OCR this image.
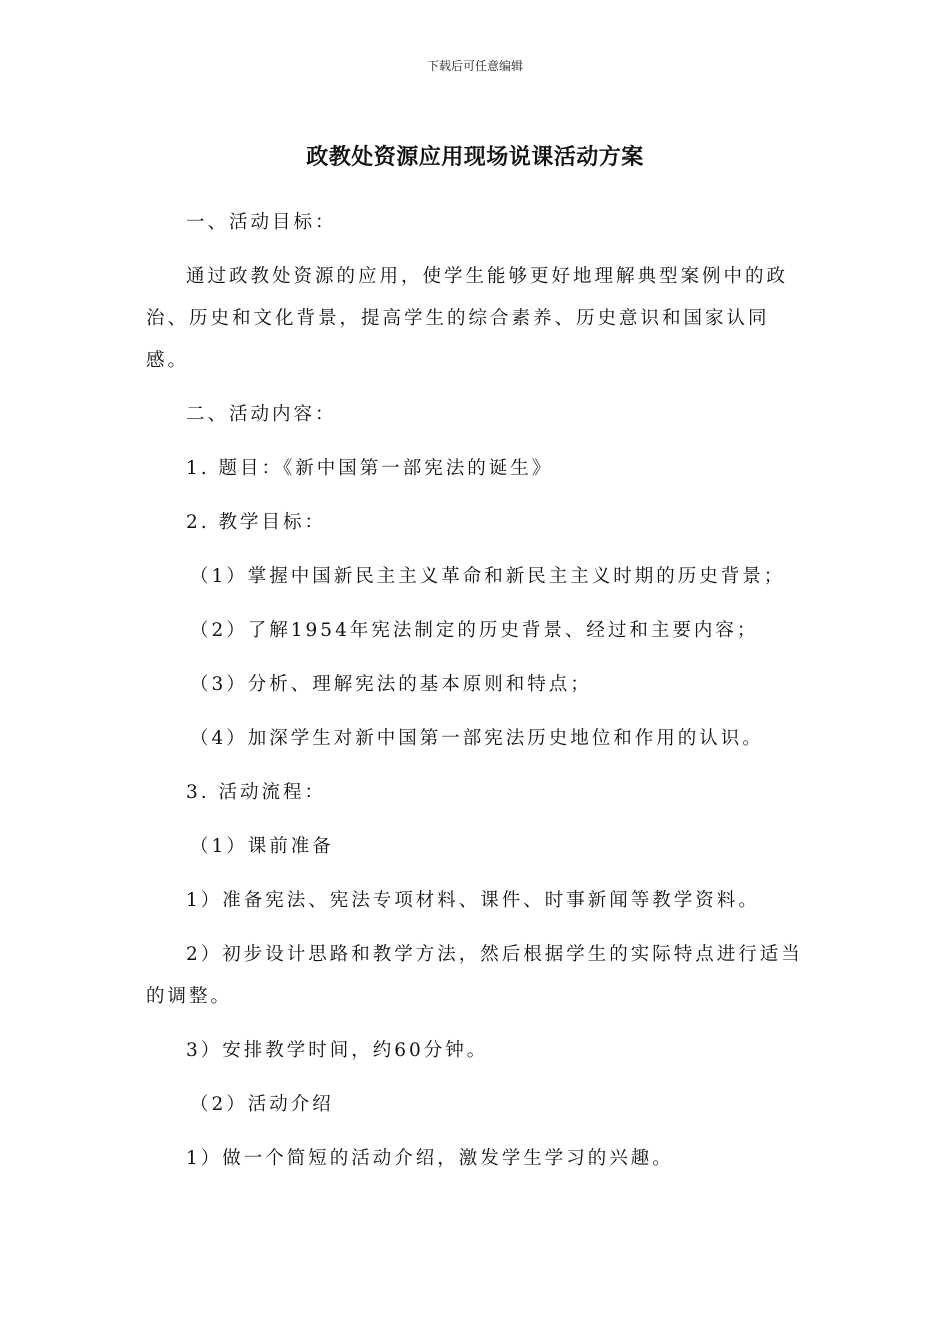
下载后可任意编辑
政教处资源应用现场说课活动方案

一、活动目标：

通过政教处资源的应用，使学生能够更好地理解典型案例中的政治、历史和文化背景，提高学生的综合素养、历史意识和国家认同感。

二、活动内容：

1. 题目：《新中国第一部宪法的诞生》

2. 教学目标：

（1）掌握中国新民主主义革命和新民主主义时期的历史背景；

（2）了解1954年宪法制定的历史背景、经过和主要内容；

（3）分析、理解宪法的基本原则和特点；

（4）加深学生对新中国第一部宪法历史地位和作用的认识。

3. 活动流程：

（1）课前准备

1）准备宪法、宪法专项材料、课件、时事新闻等教学资料。

2）初步设计思路和教学方法，然后根据学生的实际特点进行适当的调整。

3）安排教学时间，约60分钟。

（2）活动介绍

1）做一个简短的活动介绍，激发学生学习的兴趣。
